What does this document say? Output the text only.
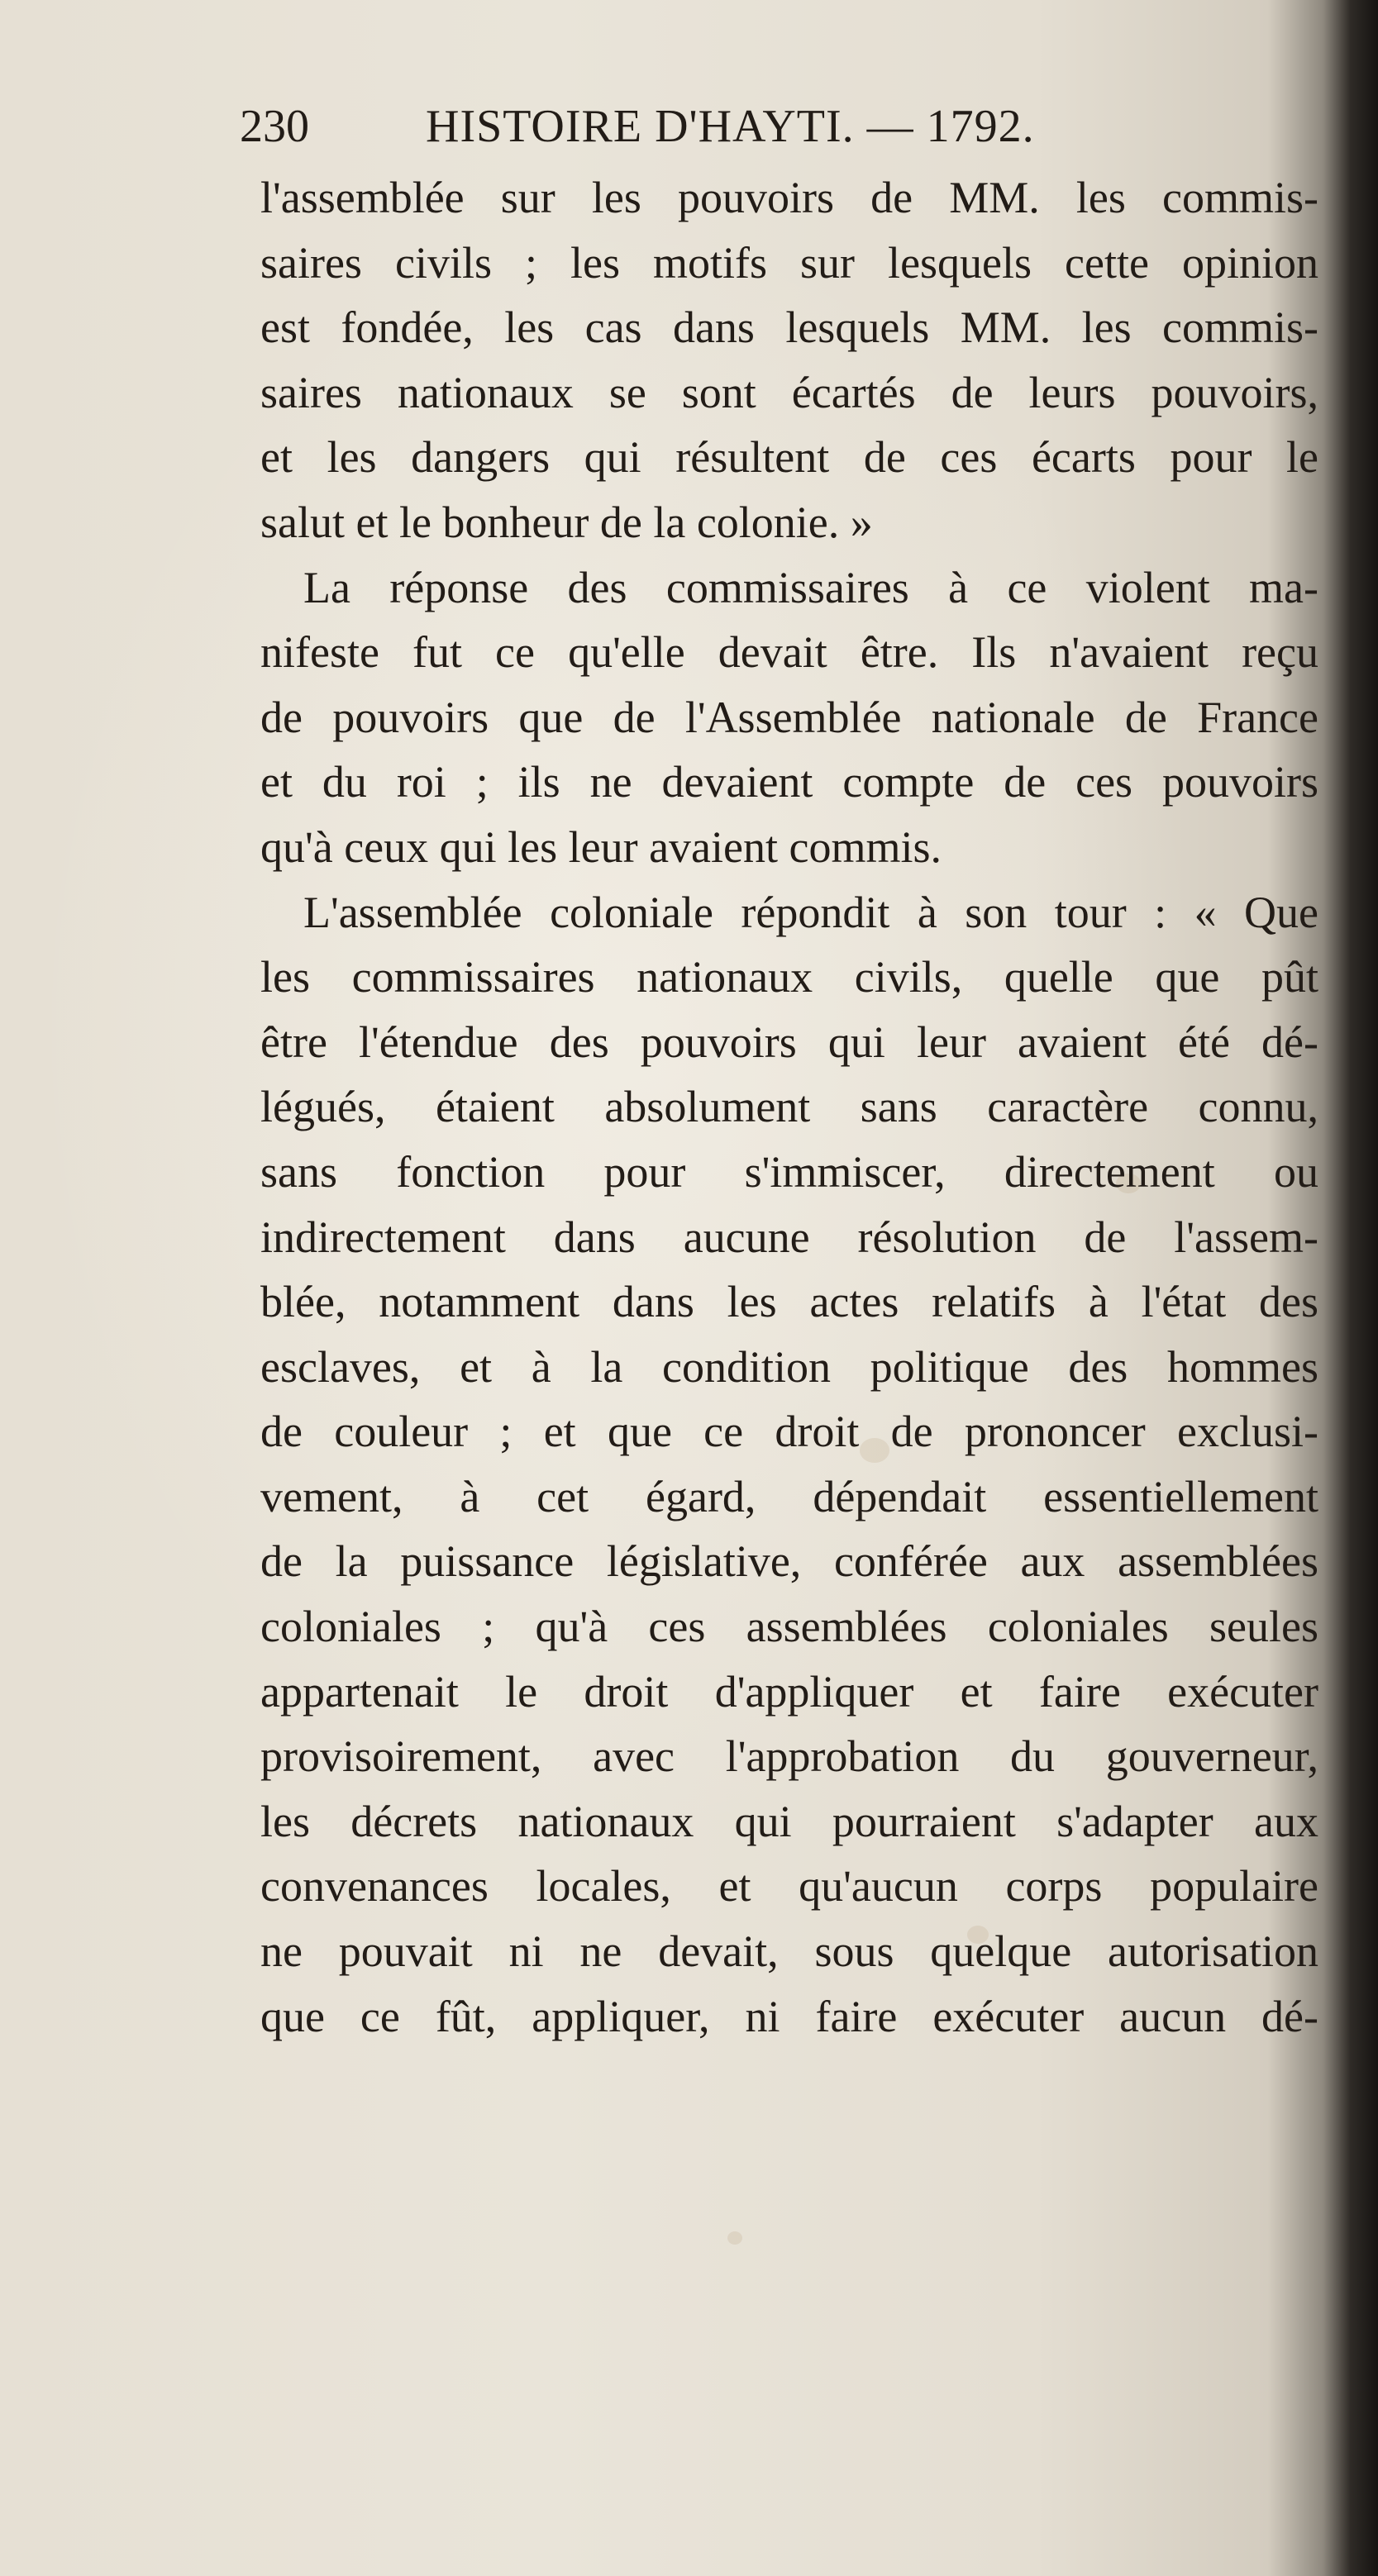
230	HISTOIRE D'HAYTI. — 1792.
l'assemblée sur les pouvoirs de MM. les commis-
saires civils ; les motifs sur lesquels cette opinion
est fondée, les cas dans lesquels MM. les commis-
saires nationaux se sont écartés de leurs pouvoirs,
et les dangers qui résultent de ces écarts pour le
salut et le bonheur de la colonie. »
La réponse des commissaires à ce violent ma-
nifeste fut ce qu'elle devait être. Ils n'avaient reçu
de pouvoirs que de l'Assemblée nationale de France
et du roi ; ils ne devaient compte de ces pouvoirs
qu'à ceux qui les leur avaient commis.
L'assemblée coloniale répondit à son tour : « Que
les commissaires nationaux civils, quelle que pût
être l'étendue des pouvoirs qui leur avaient été dé-
légués, étaient absolument sans caractère connu,
sans fonction pour s'immiscer, directement ou
indirectement dans aucune résolution de l'assem-
blée, notamment dans les actes relatifs à l'état des
esclaves, et à la condition politique des hommes
de couleur ; et que ce droit de prononcer exclusi-
vement, à cet égard, dépendait essentiellement
de la puissance législative, conférée aux assemblées
coloniales ; qu'à ces assemblées coloniales seules
appartenait le droit d'appliquer et faire exécuter
provisoirement, avec l'approbation du gouverneur,
les décrets nationaux qui pourraient s'adapter aux
convenances locales, et qu'aucun corps populaire
ne pouvait ni ne devait, sous quelque autorisation
que ce fût, appliquer, ni faire exécuter aucun dé-
